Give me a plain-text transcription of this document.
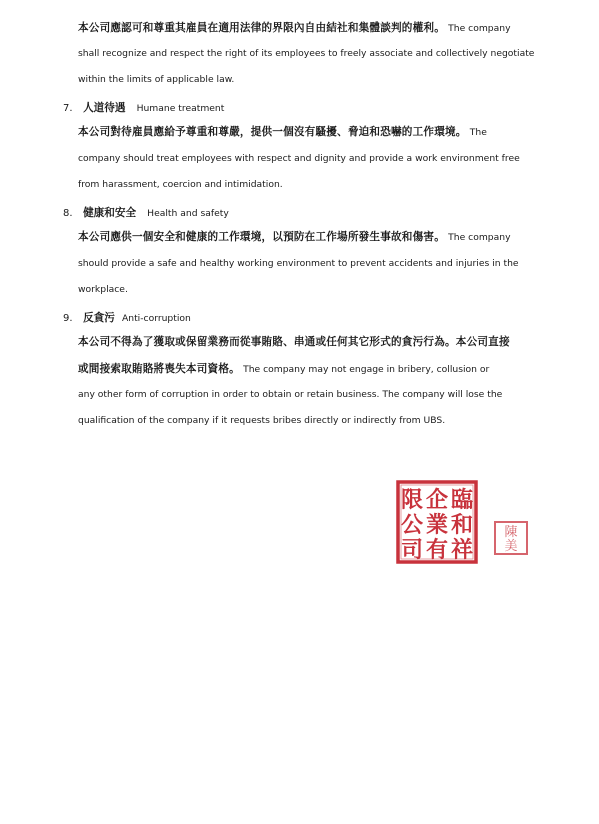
本公司應認可和尊重其雇員在適用法律的界限內自由結社和集體談判的權利。 The company
shall recognize and respect the right of its employees to freely associate and collectively negotiate
within the limits of applicable law.
7. 人道待遇 Humane treatment
本公司對待雇員應給予尊重和尊嚴，提供一個沒有騷擾、脅迫和恐嚇的工作環境。 The
company should treat employees with respect and dignity and provide a work environment free
from harassment, coercion and intimidation.
8. 健康和安全 Health and safety
本公司應供一個安全和健康的工作環境，以預防在工作場所發生事故和傷害。 The company
should provide a safe and healthy working environment to prevent accidents and injuries in the
workplace.
9. 反貪污 Anti-corruption
本公司不得為了獲取或保留業務而從事賄賂、串通或任何其它形式的貪污行為。本公司直接
或間接索取賄賂將喪失本司資格。 The company may not engage in bribery, collusion or
any other form of corruption in order to obtain or retain business. The company will lose the
qualification of the company if it requests bribes directly or indirectly from UBS.
臨
和
祥
企
業
有
限
公
司
陳
美
